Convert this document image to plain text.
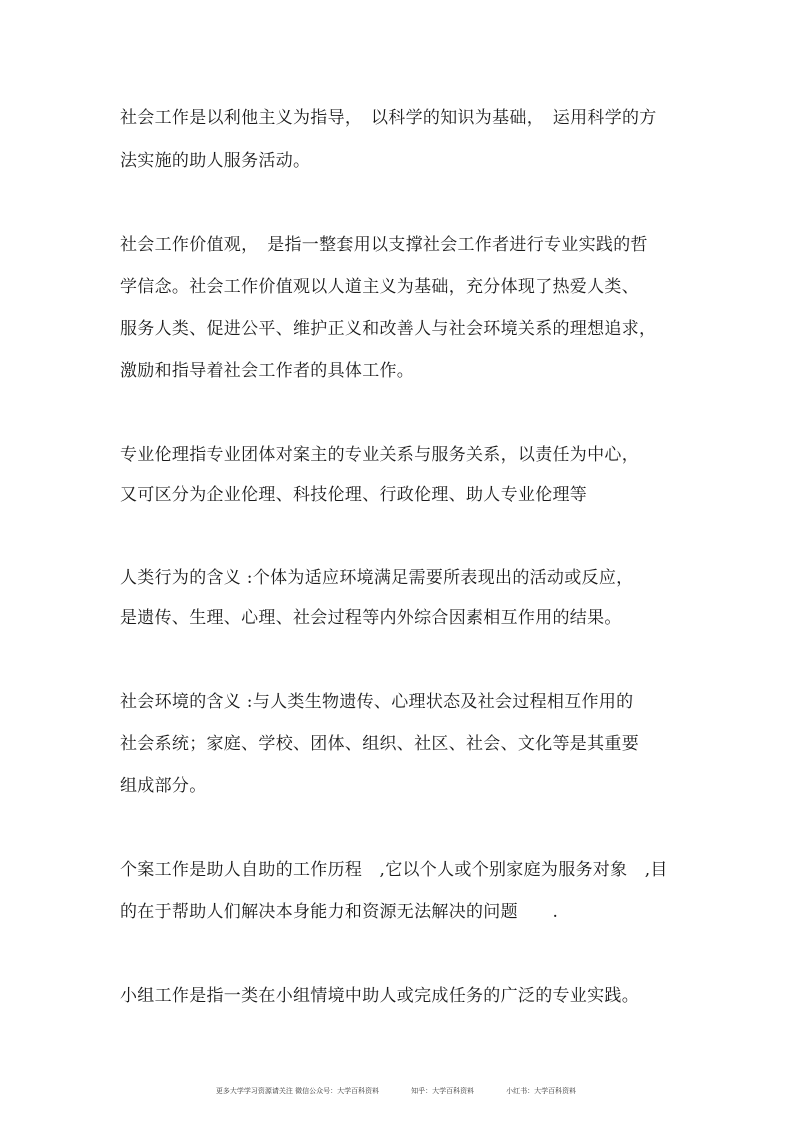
社会工作是以利他主义为指导，　以科学的知识为基础，　运用科学的方
法实施的助人服务活动。
社会工作价值观，　是指一整套用以支撑社会工作者进行专业实践的哲
学信念。社会工作价值观以人道主义为基础，充分体现了热爱人类、
服务人类、促进公平、维护正义和改善人与社会环境关系的理想追求，
激励和指导着社会工作者的具体工作。
专业伦理指专业团体对案主的专业关系与服务关系，以责任为中心，
又可区分为企业伦理、科技伦理、行政伦理、助人专业伦理等
人类行为的含义 :个体为适应环境满足需要所表现出的活动或反应，
是遗传、生理、心理、社会过程等内外综合因素相互作用的结果。
社会环境的含义 :与人类生物遗传、心理状态及社会过程相互作用的
社会系统；家庭、学校、团体、组织、社区、社会、文化等是其重要
组成部分。
个案工作是助人自助的工作历程　,它以个人或个别家庭为服务对象　,目
的在于帮助人们解决本身能力和资源无法解决的问题　　.
小组工作是指一类在小组情境中助人或完成任务的广泛的专业实践。
更多大学学习资源请关注 微信公众号：大学百科资料	知乎：大学百科资料	小红书：大学百科资料
